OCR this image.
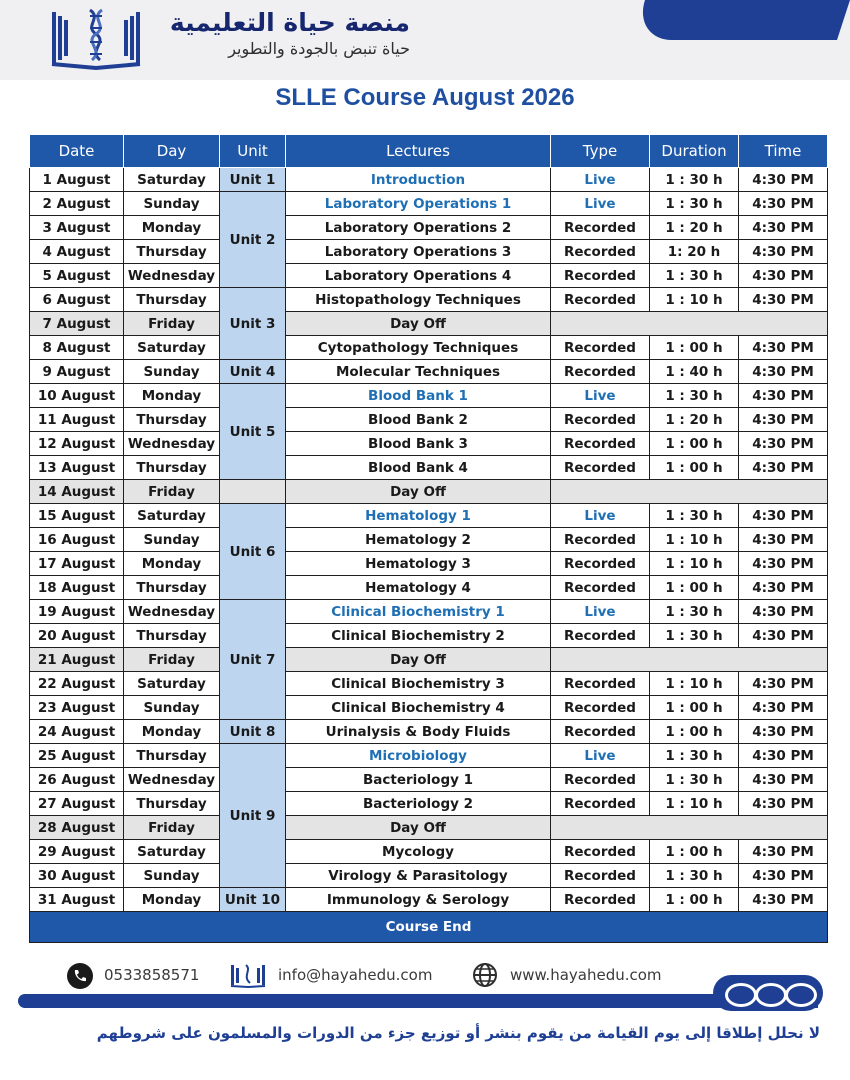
منصة حياة التعليمية
حياة تنبض بالجودة والتطوير
SLLE Course August 2026
Date	Day	Unit	Lectures	Type	Duration	Time
1 August	Saturday	Unit 1	Introduction	Live	1 : 30 h	4:30 PM
2 August	Sunday	Unit 2	Laboratory Operations 1	Live	1 : 30 h	4:30 PM
3 August	Monday		Laboratory Operations 2	Recorded	1 : 20 h	4:30 PM
4 August	Thursday		Laboratory Operations 3	Recorded	1: 20 h	4:30 PM
5 August	Wednesday		Laboratory Operations 4	Recorded	1 : 30 h	4:30 PM
6 August	Thursday	Unit 3	Histopathology Techniques	Recorded	1 : 10 h	4:30 PM
7 August	Friday		Day Off			
8 August	Saturday		Cytopathology Techniques	Recorded	1 : 00 h	4:30 PM
9 August	Sunday	Unit 4	Molecular Techniques	Recorded	1 : 40 h	4:30 PM
10 August	Monday	Unit 5	Blood Bank 1	Live	1 : 30 h	4:30 PM
11 August	Thursday		Blood Bank 2	Recorded	1 : 20 h	4:30 PM
12 August	Wednesday		Blood Bank 3	Recorded	1 : 00 h	4:30 PM
13 August	Thursday		Blood Bank 4	Recorded	1 : 00 h	4:30 PM
14 August	Friday		Day Off			
15 August	Saturday	Unit 6	Hematology 1	Live	1 : 30 h	4:30 PM
16 August	Sunday		Hematology 2	Recorded	1 : 10 h	4:30 PM
17 August	Monday		Hematology 3	Recorded	1 : 10 h	4:30 PM
18 August	Thursday		Hematology 4	Recorded	1 : 00 h	4:30 PM
19 August	Wednesday	Unit 7	Clinical Biochemistry 1	Live	1 : 30 h	4:30 PM
20 August	Thursday		Clinical Biochemistry 2	Recorded	1 : 30 h	4:30 PM
21 August	Friday		Day Off			
22 August	Saturday		Clinical Biochemistry 3	Recorded	1 : 10 h	4:30 PM
23 August	Sunday		Clinical Biochemistry 4	Recorded	1 : 00 h	4:30 PM
24 August	Monday	Unit 8	Urinalysis & Body Fluids	Recorded	1 : 00 h	4:30 PM
25 August	Thursday	Unit 9	Microbiology	Live	1 : 30 h	4:30 PM
26 August	Wednesday		Bacteriology 1	Recorded	1 : 30 h	4:30 PM
27 August	Thursday		Bacteriology 2	Recorded	1 : 10 h	4:30 PM
28 August	Friday		Day Off			
29 August	Saturday		Mycology	Recorded	1 : 00 h	4:30 PM
30 August	Sunday		Virology & Parasitology	Recorded	1 : 30 h	4:30 PM
31 August	Monday	Unit 10	Immunology & Serology	Recorded	1 : 00 h	4:30 PM
Course End						
0533858571	info@hayahedu.com	www.hayahedu.com
لا نحلل إطلاقا إلى يوم القيامة من يقوم بنشر أو توزيع جزء من الدورات والمسلمون على شروطهم
